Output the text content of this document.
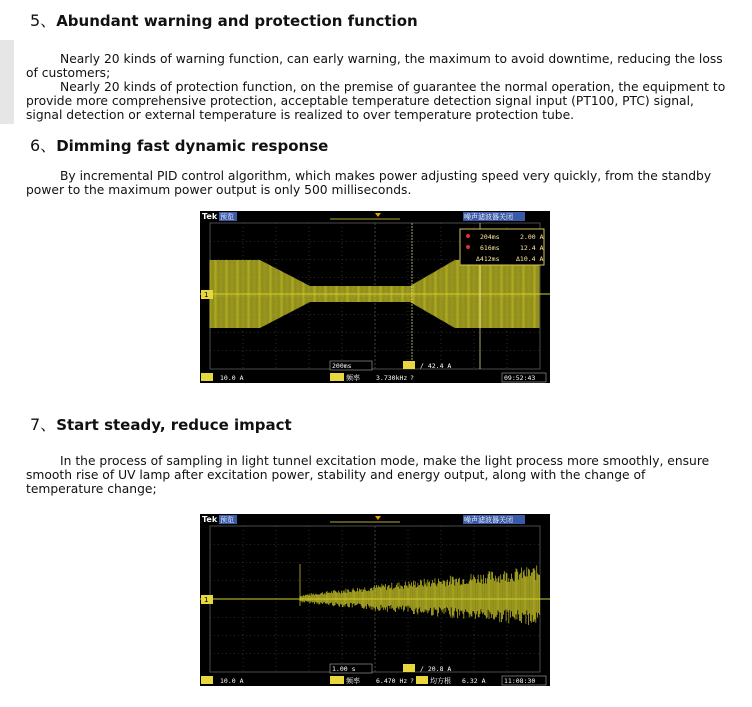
5、Abundant warning and protection function

Nearly 20 kinds of warning function, can early warning, the maximum to avoid downtime, reducing the loss of customers;

Nearly 20 kinds of protection function, on the premise of guarantee the normal operation, the equipment to provide more comprehensive protection, acceptable temperature detection signal input (PT100, PTC) signal, signal detection or external temperature is realized to over temperature protection tube.

6、Dimming fast dynamic response

By incremental PID control algorithm, which makes power adjusting speed very quickly, from the standby power to the maximum power output is only 500 milliseconds.

Tek 预览	噪声滤波器关闭
204ms	2.00 A
616ms	12.4 A
Δ412ms	Δ10.4 A
1
10.0 A
200ms	∕ 42.4 A
频率 3.730kHz ?	09:52:43
7、Start steady, reduce impact

In the process of sampling in light tunnel excitation mode, make the light process more smoothly, ensure smooth rise of UV lamp after excitation power, stability and energy output, along with the change of temperature change;

Tek 预览	噪声滤波器关闭
1
10.0 A
1.00 s	∕ 20.8 A
频率 6.470 Hz ? 均方根 6.32 A	11:08:30
